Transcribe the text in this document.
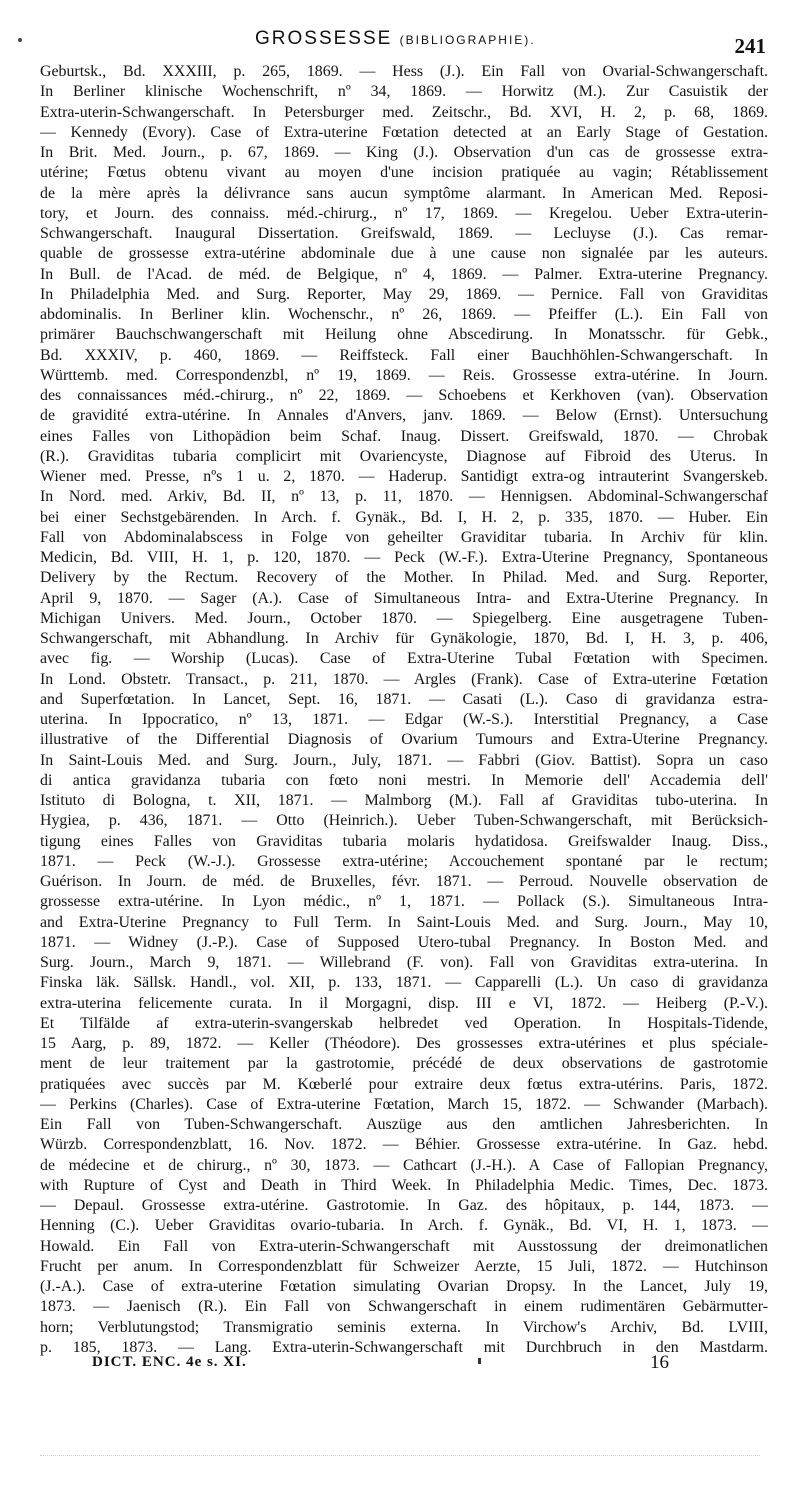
GROSSESSE (BIBLIOGRAPHIE).	241
Geburtsk., Bd. XXXIII, p. 265, 1869. — Hess (J.). Ein Fall von Ovarial-Schwangerschaft.
In Berliner klinische Wochenschrift, nº 34, 1869. — Horwitz (M.). Zur Casuistik der
Extra-uterin-Schwangerschaft. In Petersburger med. Zeitschr., Bd. XVI, H. 2, p. 68, 1869.
— Kennedy (Evory). Case of Extra-uterine Fœtation detected at an Early Stage of Gestation.
In Brit. Med. Journ., p. 67, 1869. — King (J.). Observation d'un cas de grossesse extra-
utérine; Fœtus obtenu vivant au moyen d'une incision pratiquée au vagin; Rétablissement
de la mère après la délivrance sans aucun symptôme alarmant. In American Med. Reposi-
tory, et Journ. des connaiss. méd.-chirurg., nº 17, 1869. — Kregelou. Ueber Extra-uterin-
Schwangerschaft. Inaugural Dissertation. Greifswald, 1869. — Lecluyse (J.). Cas remar-
quable de grossesse extra-utérine abdominale due à une cause non signalée par les auteurs.
In Bull. de l'Acad. de méd. de Belgique, nº 4, 1869. — Palmer. Extra-uterine Pregnancy.
In Philadelphia Med. and Surg. Reporter, May 29, 1869. — Pernice. Fall von Graviditas
abdominalis. In Berliner klin. Wochenschr., nº 26, 1869. — Pfeiffer (L.). Ein Fall von
primärer Bauchschwangerschaft mit Heilung ohne Abscedirung. In Monatsschr. für Gebk.,
Bd. XXXIV, p. 460, 1869. — Reiffsteck. Fall einer Bauchhöhlen-Schwangerschaft. In
Württemb. med. Correspondenzbl, nº 19, 1869. — Reis. Grossesse extra-utérine. In Journ.
des connaissances méd.-chirurg., nº 22, 1869. — Schoebens et Kerkhoven (van). Observation
de gravidité extra-utérine. In Annales d'Anvers, janv. 1869. — Below (Ernst). Untersuchung
eines Falles von Lithopädion beim Schaf. Inaug. Dissert. Greifswald, 1870. — Chrobak
(R.). Graviditas tubaria complicirt mit Ovariencyste, Diagnose auf Fibroid des Uterus. In
Wiener med. Presse, nºs 1 u. 2, 1870. — Haderup. Santidigt extra-og intrauterint Svangerskeb.
In Nord. med. Arkiv, Bd. II, nº 13, p. 11, 1870. — Hennigsen. Abdominal-Schwangerschaf
bei einer Sechstgebärenden. In Arch. f. Gynäk., Bd. I, H. 2, p. 335, 1870. — Huber. Ein
Fall von Abdominalabscess in Folge von geheilter Graviditar tubaria. In Archiv für klin.
Medicin, Bd. VIII, H. 1, p. 120, 1870. — Peck (W.-F.). Extra-Uterine Pregnancy, Spontaneous
Delivery by the Rectum. Recovery of the Mother. In Philad. Med. and Surg. Reporter,
April 9, 1870. — Sager (A.). Case of Simultaneous Intra- and Extra-Uterine Pregnancy. In
Michigan Univers. Med. Journ., October 1870. — Spiegelberg. Eine ausgetragene Tuben-
Schwangerschaft, mit Abhandlung. In Archiv für Gynäkologie, 1870, Bd. I, H. 3, p. 406,
avec fig. — Worship (Lucas). Case of Extra-Uterine Tubal Fœtation with Specimen.
In Lond. Obstetr. Transact., p. 211, 1870. — Argles (Frank). Case of Extra-uterine Fœtation
and Superfœtation. In Lancet, Sept. 16, 1871. — Casati (L.). Caso di gravidanza estra-
uterina. In Ippocratico, nº 13, 1871. — Edgar (W.-S.). Interstitial Pregnancy, a Case
illustrative of the Differential Diagnosis of Ovarium Tumours and Extra-Uterine Pregnancy.
In Saint-Louis Med. and Surg. Journ., July, 1871. — Fabbri (Giov. Battist). Sopra un caso
di antica gravidanza tubaria con fœto noni mestri. In Memorie dell' Accademia dell'
Istituto di Bologna, t. XII, 1871. — Malmborg (M.). Fall af Graviditas tubo-uterina. In
Hygiea, p. 436, 1871. — Otto (Heinrich.). Ueber Tuben-Schwangerschaft, mit Berücksich-
tigung eines Falles von Graviditas tubaria molaris hydatidosa. Greifswalder Inaug. Diss.,
1871. — Peck (W.-J.). Grossesse extra-utérine; Accouchement spontané par le rectum;
Guérison. In Journ. de méd. de Bruxelles, févr. 1871. — Perroud. Nouvelle observation de
grossesse extra-utérine. In Lyon médic., nº 1, 1871. — Pollack (S.). Simultaneous Intra-
and Extra-Uterine Pregnancy to Full Term. In Saint-Louis Med. and Surg. Journ., May 10,
1871. — Widney (J.-P.). Case of Supposed Utero-tubal Pregnancy. In Boston Med. and
Surg. Journ., March 9, 1871. — Willebrand (F. von). Fall von Graviditas extra-uterina. In
Finska läk. Sällsk. Handl., vol. XII, p. 133, 1871. — Capparelli (L.). Un caso di gravidanza
extra-uterina felicemente curata. In il Morgagni, disp. III e VI, 1872. — Heiberg (P.-V.).
Et Tilfälde af extra-uterin-svangerskab helbredet ved Operation. In Hospitals-Tidende,
15 Aarg, p. 89, 1872. — Keller (Théodore). Des grossesses extra-utérines et plus spéciale-
ment de leur traitement par la gastrotomie, précédé de deux observations de gastrotomie
pratiquées avec succès par M. Kœberlé pour extraire deux fœtus extra-utérins. Paris, 1872.
— Perkins (Charles). Case of Extra-uterine Fœtation, March 15, 1872. — Schwander (Marbach).
Ein Fall von Tuben-Schwangerschaft. Auszüge aus den amtlichen Jahresberichten. In
Würzb. Correspondenzblatt, 16. Nov. 1872. — Béhier. Grossesse extra-utérine. In Gaz. hebd.
de médecine et de chirurg., nº 30, 1873. — Cathcart (J.-H.). A Case of Fallopian Pregnancy,
with Rupture of Cyst and Death in Third Week. In Philadelphia Medic. Times, Dec. 1873.
— Depaul. Grossesse extra-utérine. Gastrotomie. In Gaz. des hôpitaux, p. 144, 1873. —
Henning (C.). Ueber Graviditas ovario-tubaria. In Arch. f. Gynäk., Bd. VI, H. 1, 1873. —
Howald. Ein Fall von Extra-uterin-Schwangerschaft mit Ausstossung der dreimonatlichen
Frucht per anum. In Correspondenzblatt für Schweizer Aerzte, 15 Juli, 1872. — Hutchinson
(J.-A.). Case of extra-uterine Fœtation simulating Ovarian Dropsy. In the Lancet, July 19,
1873. — Jaenisch (R.). Ein Fall von Schwangerschaft in einem rudimentären Gebärmutter-
horn; Verblutungstod; Transmigratio seminis externa. In Virchow's Archiv, Bd. LVIII,
p. 185, 1873. — Lang. Extra-uterin-Schwangerschaft mit Durchbruch in den Mastdarm.
DICT. ENC. 4e s. XI.	16
